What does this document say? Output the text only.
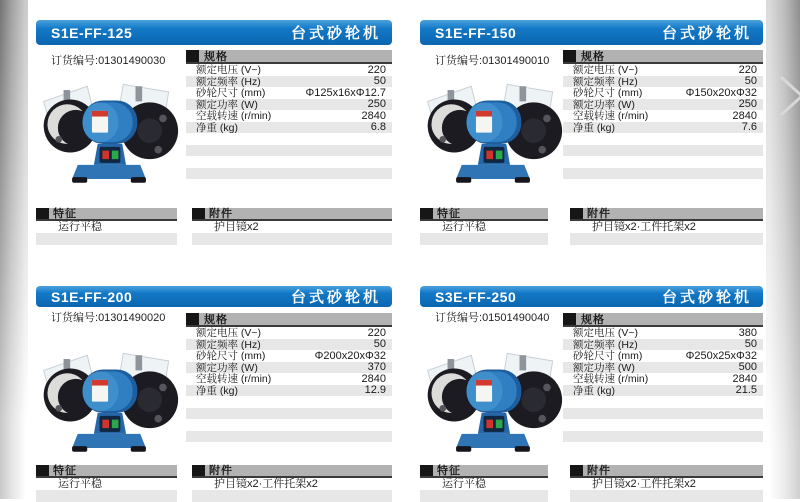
S1E-FF-125	台式砂轮机
订货编号:01301490030	规格
额定电压 (V~)	220
额定频率 (Hz)	50
砂轮尺寸 (mm)	Φ125x16xΦ12.7
额定功率 (W)	250
空载转速 (r/min)	2840
净重 (kg)	6.8
特征
运行平稳
附件
护目镜x2
S1E-FF-150	台式砂轮机
订货编号:01301490010	规格
额定电压 (V~)	220
额定频率 (Hz)	50
砂轮尺寸 (mm)	Φ150x20xΦ32
额定功率 (W)	250
空载转速 (r/min)	2840
净重 (kg)	7.6
特征
运行平稳
附件
护目镜x2·工件托架x2
S1E-FF-200	台式砂轮机
订货编号:01301490020	规格
额定电压 (V~)	220
额定频率 (Hz)	50
砂轮尺寸 (mm)	Φ200x20xΦ32
额定功率 (W)	370
空载转速 (r/min)	2840
净重 (kg)	12.9
特征
运行平稳
附件
护目镜x2·工件托架x2
S3E-FF-250	台式砂轮机
订货编号:01501490040	规格
额定电压 (V~)	380
额定频率 (Hz)	50
砂轮尺寸 (mm)	Φ250x25xΦ32
额定功率 (W)	500
空载转速 (r/min)	2840
净重 (kg)	21.5
特征
运行平稳
附件
护目镜x2·工件托架x2
